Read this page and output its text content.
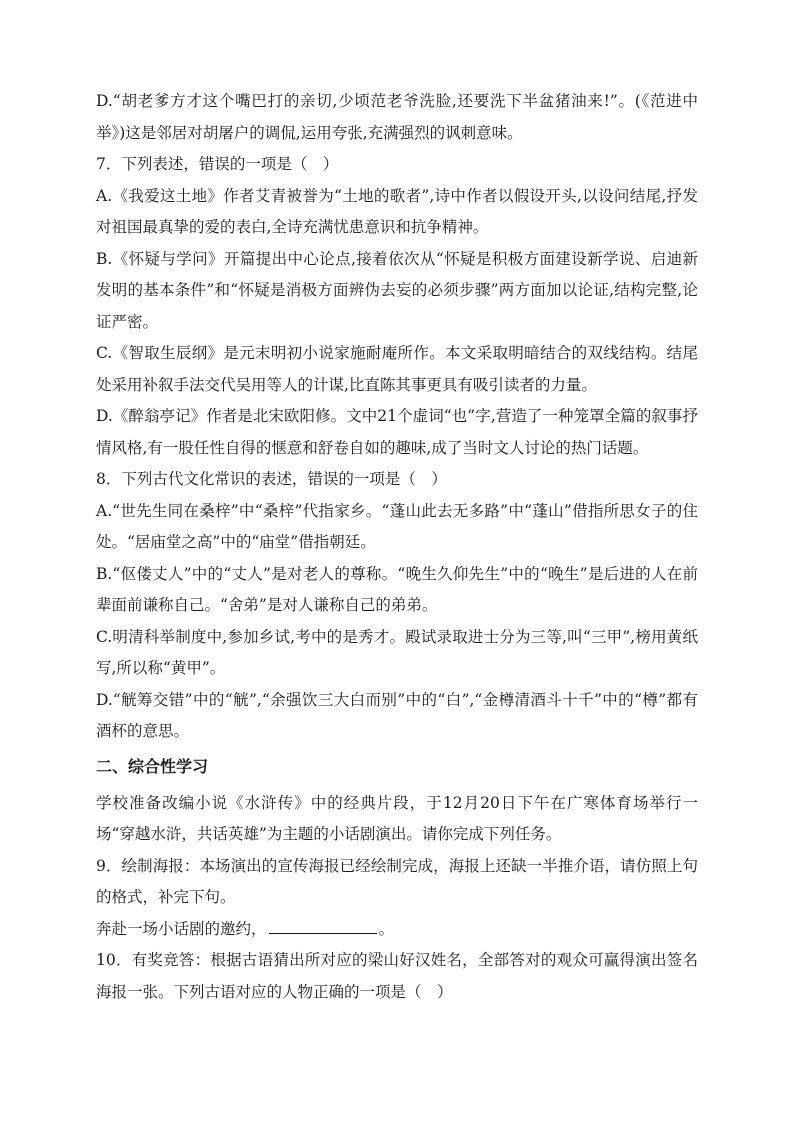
D.“胡老爹方才这个嘴巴打的亲切,少顷范老爷洗脸,还要洗下半盆猪油来!”。(《范进中举》)这是邻居对胡屠户的调侃,运用夸张,充满强烈的讽刺意味。

7．下列表述，错误的一项是（　）

A.《我爱这土地》作者艾青被誉为“土地的歌者”,诗中作者以假设开头,以设问结尾,抒发对祖国最真挚的爱的表白,全诗充满忧患意识和抗争精神。

B.《怀疑与学问》开篇提出中心论点,接着依次从“怀疑是积极方面建设新学说、启迪新发明的基本条件”和“怀疑是消极方面辨伪去妄的必须步骤”两方面加以论证,结构完整,论证严密。

C.《智取生辰纲》是元末明初小说家施耐庵所作。本文采取明暗结合的双线结构。结尾处采用补叙手法交代吴用等人的计谋,比直陈其事更具有吸引读者的力量。

D.《醉翁亭记》作者是北宋欧阳修。文中21个虚词“也”字,营造了一种笼罩全篇的叙事抒情风格,有一股任性自得的惬意和舒卷自如的趣味,成了当时文人讨论的热门话题。

8．下列古代文化常识的表述，错误的一项是（　）

A.“世先生同在桑梓”中“桑梓”代指家乡。“蓬山此去无多路”中“蓬山”借指所思女子的住处。“居庙堂之高”中的“庙堂”借指朝廷。

B.“伛偻丈人”中的“丈人”是对老人的尊称。“晚生久仰先生”中的“晚生”是后进的人在前辈面前谦称自己。“舍弟”是对人谦称自己的弟弟。

C.明清科举制度中,参加乡试,考中的是秀才。殿试录取进士分为三等,叫“三甲”,榜用黄纸写,所以称“黄甲”。

D.“觥筹交错”中的“觥”,“余强饮三大白而别”中的“白”,“金樽清酒斗十千”中的“樽”都有酒杯的意思。

二、综合性学习

学校准备改编小说《水浒传》中的经典片段，于12月20日下午在广寒体育场举行一场“穿越水浒，共话英雄”为主题的小话剧演出。请你完成下列任务。

9．绘制海报：本场演出的宣传海报已经绘制完成，海报上还缺一半推介语，请仿照上句的格式，补完下句。

奔赴一场小话剧的邀约，	。

10．有奖竞答：根据古语猜出所对应的梁山好汉姓名，全部答对的观众可赢得演出签名海报一张。下列古语对应的人物正确的一项是（　）
